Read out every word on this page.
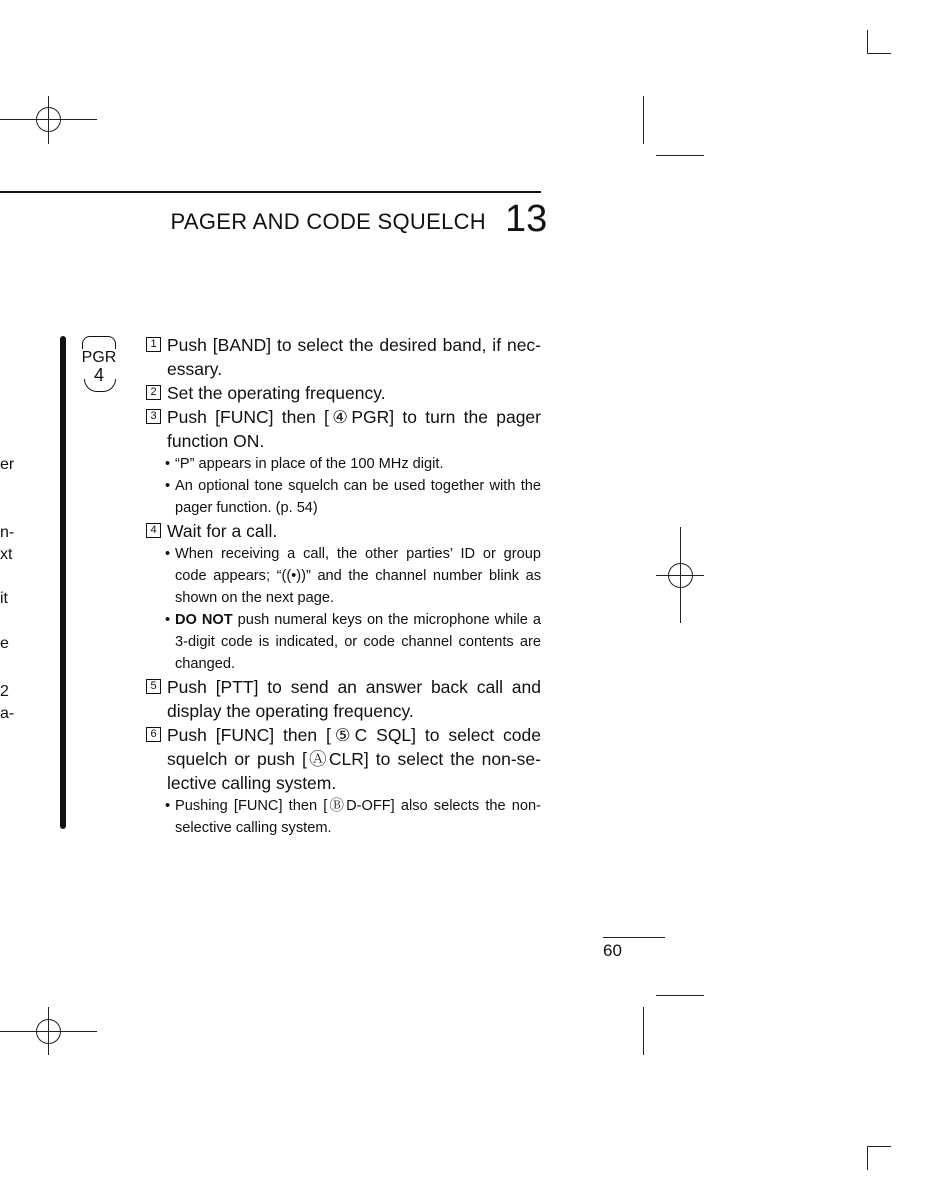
PAGER AND CODE SQUELCH 13
er
n-
xt
it
e
2
a-
PGR
4
1 Push [BAND] to select the desired band, if nec-essary.
2 Set the operating frequency.
3 Push [FUNC] then [④PGR] to turn the pager function ON.
• “P” appears in place of the 100 MHz digit.
• An optional tone squelch can be used together with the pager function. (p. 54)
4 Wait for a call.
• When receiving a call, the other parties’ ID or group code appears; “((•))” and the channel number blink as shown on the next page.
• DO NOT push numeral keys on the microphone while a 3-digit code is indicated, or code channel contents are changed.
5 Push [PTT] to send an answer back call and display the operating frequency.
6 Push [FUNC] then [⑤C SQL] to select code squelch or push [ⒶCLR] to select the non-se-lective calling system.
• Pushing [FUNC] then [ⒷD-OFF] also selects the non-selective calling system.
60
